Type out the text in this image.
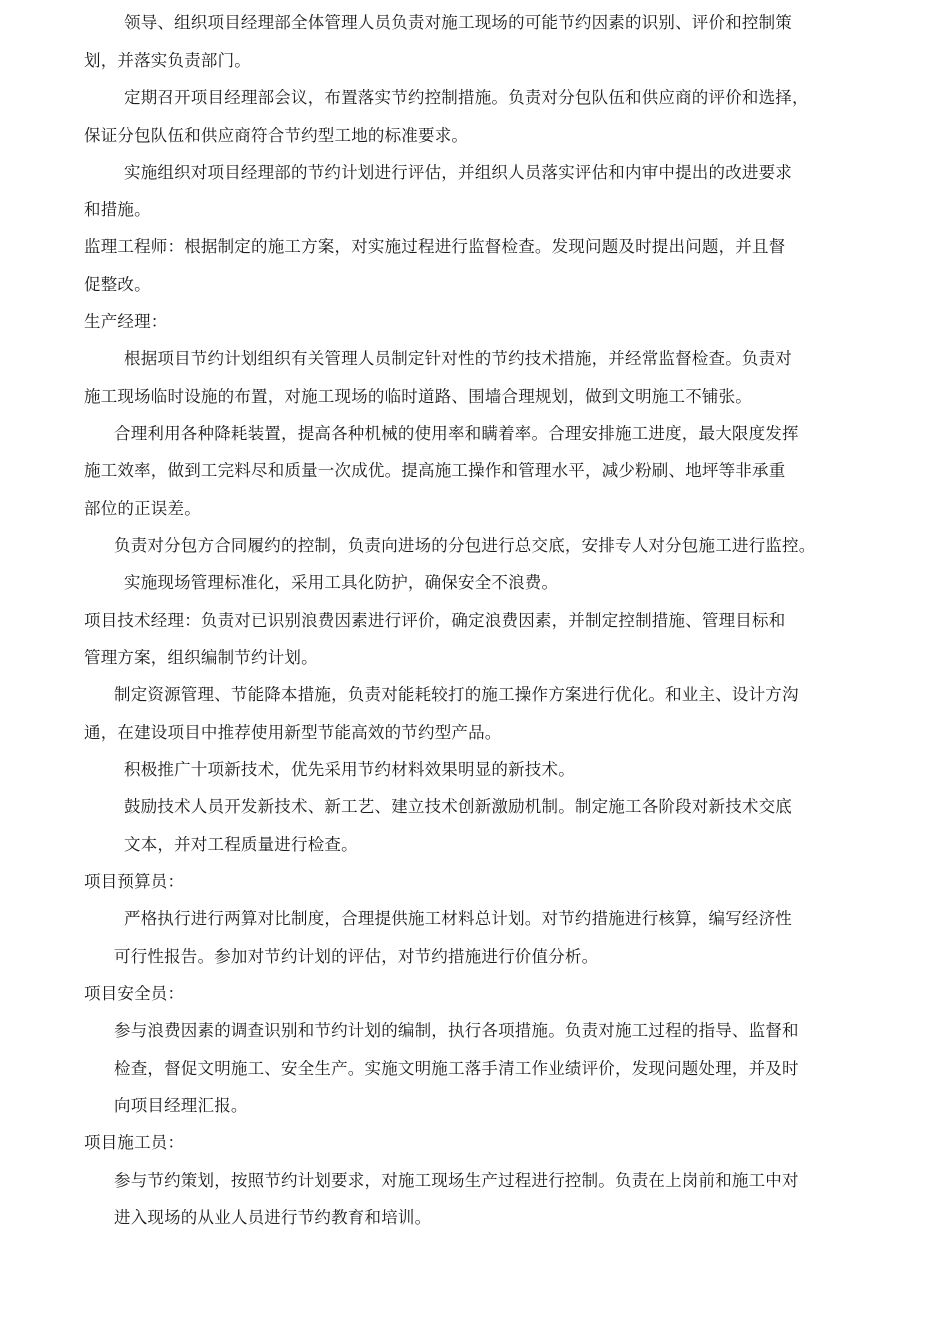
领导、组织项目经理部全体管理人员负责对施工现场的可能节约因素的识别、评价和控制策
划，并落实负责部门。
定期召开项目经理部会议，布置落实节约控制措施。负责对分包队伍和供应商的评价和选择，
保证分包队伍和供应商符合节约型工地的标准要求。
实施组织对项目经理部的节约计划进行评估，并组织人员落实评估和内审中提出的改进要求
和措施。
监理工程师：根据制定的施工方案，对实施过程进行监督检查。发现问题及时提出问题，并且督
促整改。
生产经理：
根据项目节约计划组织有关管理人员制定针对性的节约技术措施，并经常监督检查。负责对
施工现场临时设施的布置，对施工现场的临时道路、围墙合理规划，做到文明施工不铺张。
合理利用各种降耗装置，提高各种机械的使用率和瞒着率。合理安排施工进度，最大限度发挥
施工效率，做到工完料尽和质量一次成优。提高施工操作和管理水平，减少粉刷、地坪等非承重
部位的正误差。
负责对分包方合同履约的控制，负责向进场的分包进行总交底，安排专人对分包施工进行监控。
实施现场管理标准化，采用工具化防护，确保安全不浪费。
项目技术经理：负责对已识别浪费因素进行评价，确定浪费因素，并制定控制措施、管理目标和
管理方案，组织编制节约计划。
制定资源管理、节能降本措施，负责对能耗较打的施工操作方案进行优化。和业主、设计方沟
通，在建设项目中推荐使用新型节能高效的节约型产品。
积极推广十项新技术，优先采用节约材料效果明显的新技术。
鼓励技术人员开发新技术、新工艺、建立技术创新激励机制。制定施工各阶段对新技术交底
文本，并对工程质量进行检查。
项目预算员：
严格执行进行两算对比制度，合理提供施工材料总计划。对节约措施进行核算，编写经济性
可行性报告。参加对节约计划的评估，对节约措施进行价值分析。
项目安全员：
参与浪费因素的调查识别和节约计划的编制，执行各项措施。负责对施工过程的指导、监督和
检查，督促文明施工、安全生产。实施文明施工落手清工作业绩评价，发现问题处理，并及时
向项目经理汇报。
项目施工员：
参与节约策划，按照节约计划要求，对施工现场生产过程进行控制。负责在上岗前和施工中对
进入现场的从业人员进行节约教育和培训。
